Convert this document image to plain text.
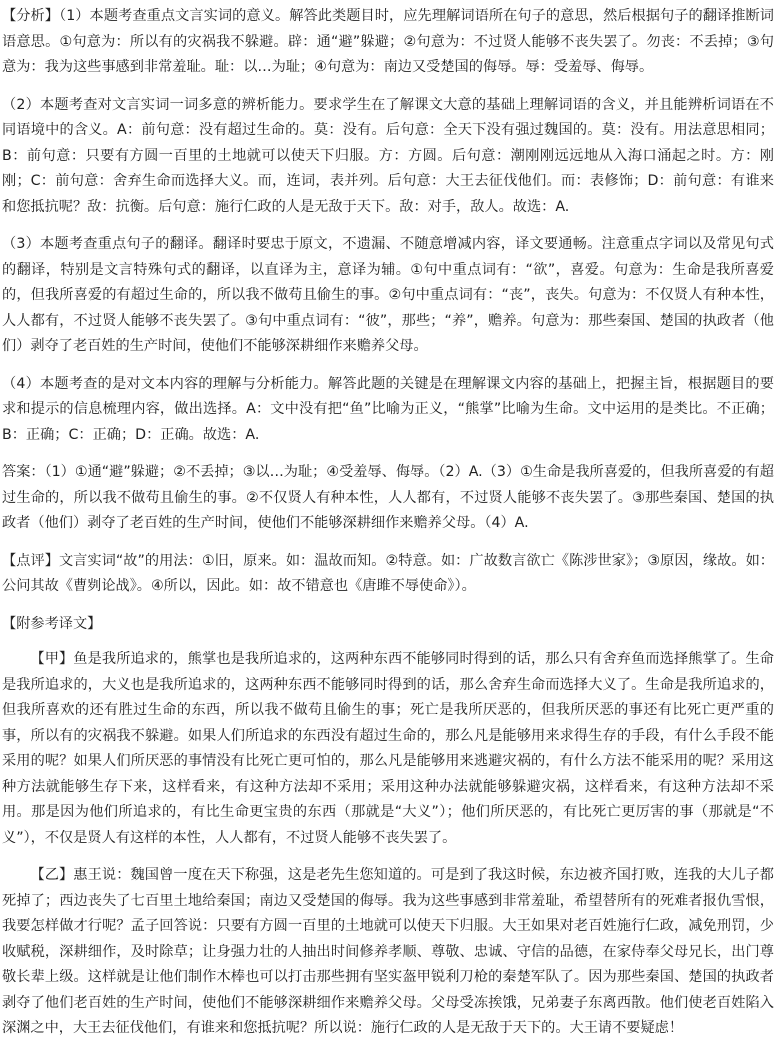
【分析】（1）本题考查重点文言实词的意义。解答此类题目时，应先理解词语所在句子的意思，然后根据句子的翻译推断词语意思。①句意为：所以有的灾祸我不躲避。辟：通“避”躲避；②句意为：不过贤人能够不丧失罢了。勿丧：不丢掉；③句意为：我为这些事感到非常羞耻。耻：以…为耻；④句意为：南边又受楚国的侮辱。辱：受羞辱、侮辱。

（2）本题考查对文言实词一词多意的辨析能力。要求学生在了解课文大意的基础上理解词语的含义，并且能辨析词语在不同语境中的含义。A：前句意：没有超过生命的。莫：没有。后句意：全天下没有强过魏国的。莫：没有。用法意思相同；B：前句意：只要有方圆一百里的土地就可以使天下归服。方：方圆。后句意：潮刚刚远远地从入海口涌起之时。方：刚刚；C：前句意：舍弃生命而选择大义。而，连词，表并列。后句意：大王去征伐他们。而：表修饰；D：前句意：有谁来和您抵抗呢？敌：抗衡。后句意：施行仁政的人是无敌于天下。敌：对手，敌人。故选：A.

（3）本题考查重点句子的翻译。翻译时要忠于原文，不遗漏、不随意增减内容，译文要通畅。注意重点字词以及常见句式的翻译，特别是文言特殊句式的翻译，以直译为主，意译为辅。①句中重点词有：“欲”，喜爱。句意为：生命是我所喜爱的，但我所喜爱的有超过生命的，所以我不做苟且偷生的事。②句中重点词有：“丧”，丧失。句意为：不仅贤人有种本性，人人都有，不过贤人能够不丧失罢了。③句中重点词有：“彼”，那些；“养”，赡养。句意为：那些秦国、楚国的执政者（他们）剥夺了老百姓的生产时间，使他们不能够深耕细作来赡养父母。

（4）本题考查的是对文本内容的理解与分析能力。解答此题的关键是在理解课文内容的基础上，把握主旨，根据题目的要求和提示的信息梳理内容，做出选择。A：文中没有把“鱼”比喻为正义，“熊掌”比喻为生命。文中运用的是类比。不正确；B：正确；C：正确；D：正确。故选：A.

答案：（1）①通“避”躲避；②不丢掉；③以…为耻；④受羞辱、侮辱。（2）A.（3）①生命是我所喜爱的，但我所喜爱的有超过生命的，所以我不做苟且偷生的事。②不仅贤人有种本性，人人都有，不过贤人能够不丧失罢了。③那些秦国、楚国的执政者（他们）剥夺了老百姓的生产时间，使他们不能够深耕细作来赡养父母。（4）A.

【点评】文言实词“故”的用法：①旧，原来。如：温故而知。②特意。如：广故数言欲亡《陈涉世家》；③原因，缘故。如：公问其故《曹刿论战》。④所以，因此。如：故不错意也《唐雎不辱使命》）。

【附参考译文】

【甲】鱼是我所追求的，熊掌也是我所追求的，这两种东西不能够同时得到的话，那么只有舍弃鱼而选择熊掌了。生命是我所追求的，大义也是我所追求的，这两种东西不能够同时得到的话，那么舍弃生命而选择大义了。生命是我所追求的，但我所喜欢的还有胜过生命的东西，所以我不做苟且偷生的事；死亡是我所厌恶的，但我所厌恶的事还有比死亡更严重的事，所以有的灾祸我不躲避。如果人们所追求的东西没有超过生命的，那么凡是能够用来求得生存的手段，有什么手段不能采用的呢？如果人们所厌恶的事情没有比死亡更可怕的，那么凡是能够用来逃避灾祸的，有什么方法不能采用的呢？采用这种方法就能够生存下来，这样看来，有这种方法却不采用；采用这种办法就能够躲避灾祸，这样看来，有这种方法却不采用。那是因为他们所追求的，有比生命更宝贵的东西（那就是“大义”）；他们所厌恶的，有比死亡更厉害的事（那就是“不义”），不仅是贤人有这样的本性，人人都有，不过贤人能够不丧失罢了。

【乙】惠王说：魏国曾一度在天下称强，这是老先生您知道的。可是到了我这时候，东边被齐国打败，连我的大儿子都死掉了；西边丧失了七百里土地给秦国；南边又受楚国的侮辱。我为这些事感到非常羞耻，希望替所有的死难者报仇雪恨，我要怎样做才行呢？孟子回答说：只要有方圆一百里的土地就可以使天下归服。大王如果对老百姓施行仁政，减免刑罚，少收赋税，深耕细作，及时除草；让身强力壮的人抽出时间修养孝顺、尊敬、忠诚、守信的品德，在家侍奉父母兄长，出门尊敬长辈上级。这样就是让他们制作木棒也可以打击那些拥有坚实盔甲锐利刀枪的秦楚军队了。因为那些秦国、楚国的执政者剥夺了他们老百姓的生产时间，使他们不能够深耕细作来赡养父母。父母受冻挨饿，兄弟妻子东离西散。他们使老百姓陷入深渊之中，大王去征伐他们，有谁来和您抵抗呢？所以说：施行仁政的人是无敌于天下的。大王请不要疑虑！
